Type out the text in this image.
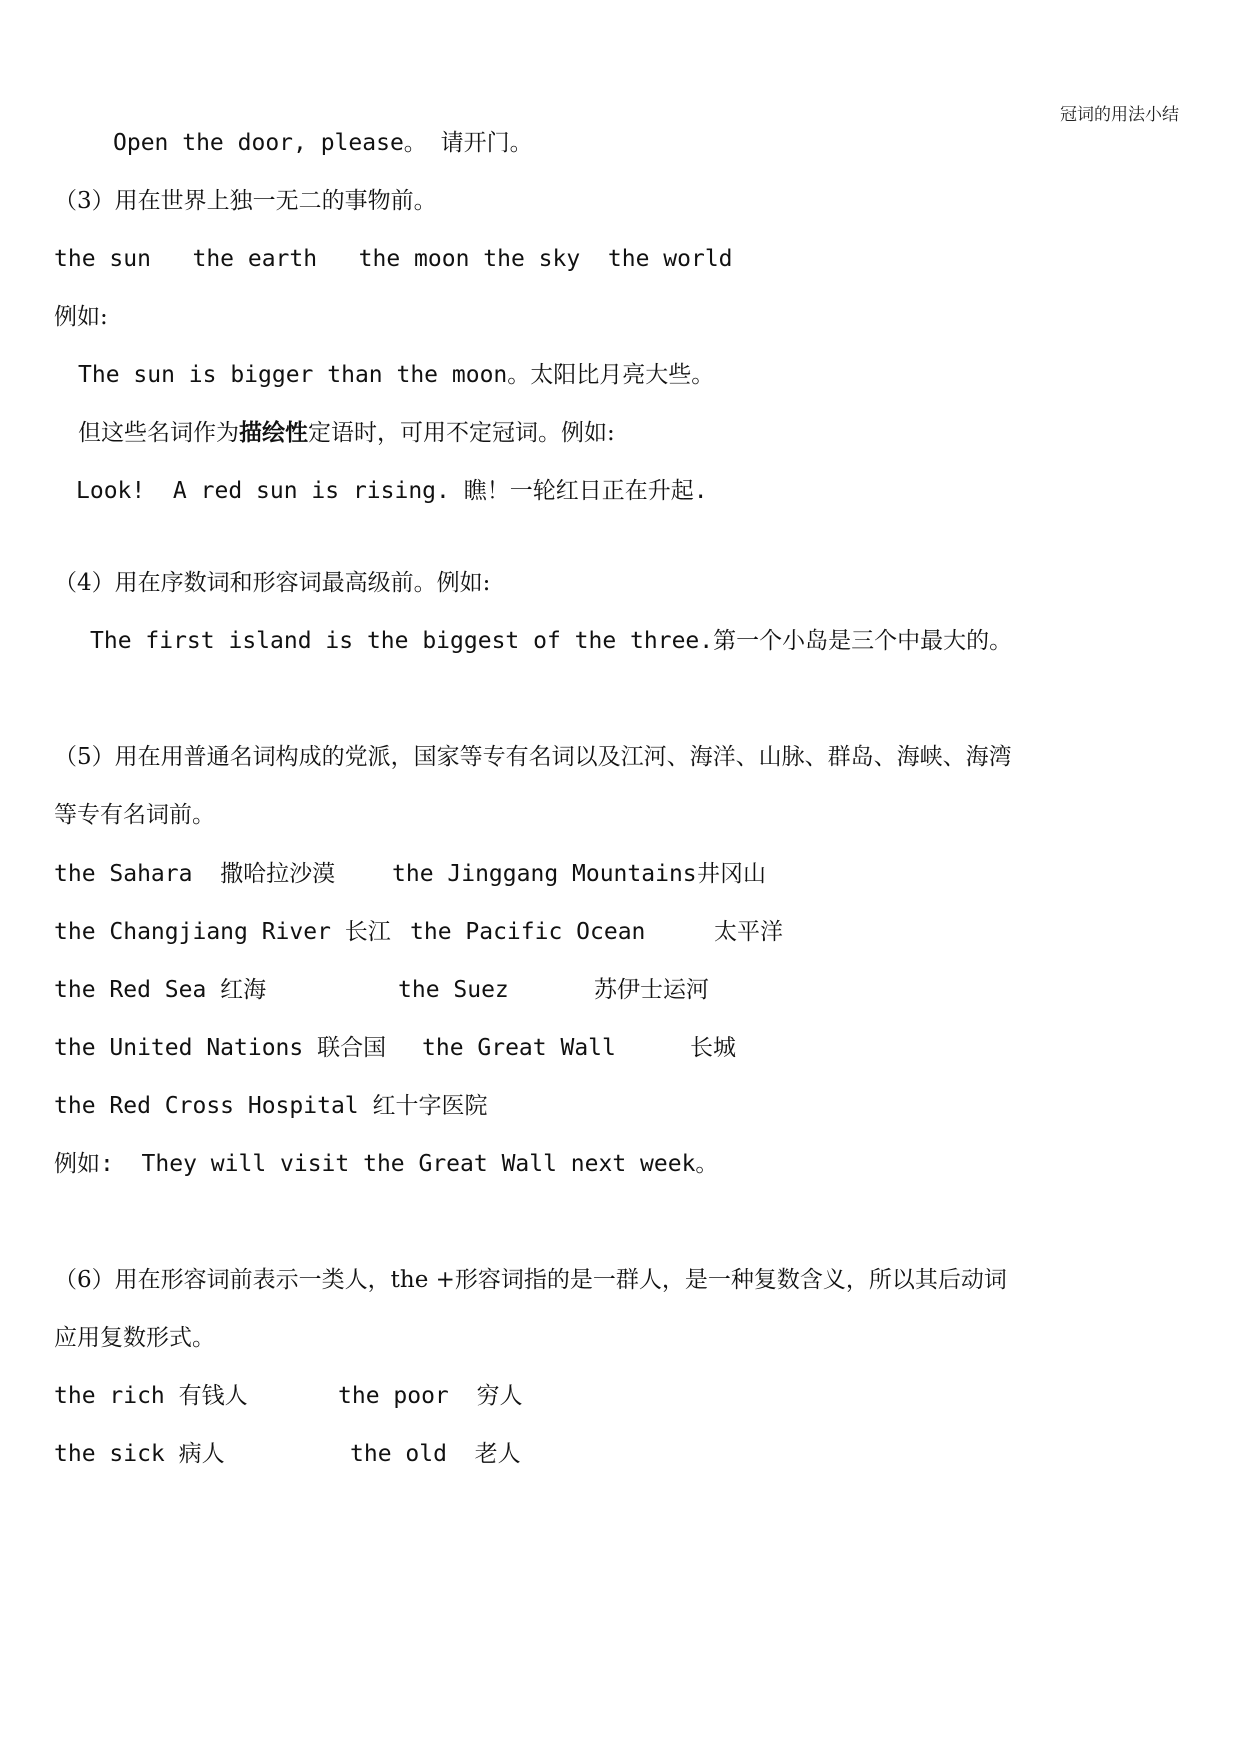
冠词的用法小结
Open the door, please。 请开门。
（3）用在世界上独一无二的事物前。
the sun   the earth   the moon the sky  the world
例如:
The sun is bigger than the moon。太阳比月亮大些。
但这些名词作为描绘性定语时，可用不定冠词。例如:
Look!  A red sun is rising. 瞧！一轮红日正在升起.
（4）用在序数词和形容词最高级前。例如:
The first island is the biggest of the three.第一个小岛是三个中最大的。
（5）用在用普通名词构成的党派，国家等专有名词以及江河、海洋、山脉、群岛、海峡、海湾
等专有名词前。
the Sahara  撒哈拉沙漠 the Jinggang Mountains 井冈山
the Changjiang River 长江 the Pacific Ocean	太平洋
the Red Sea 红海	the Suez	苏伊士运河
the United Nations 联合国 the Great Wall	长城
the Red Cross Hospital 红十字医院
例如:  They will visit the Great Wall next week。
（6）用在形容词前表示一类人，the +形容词指的是一群人，是一种复数含义，所以其后动词
应用复数形式。
the rich 有钱人	the poor  穷人
the sick 病人	the old  老人
